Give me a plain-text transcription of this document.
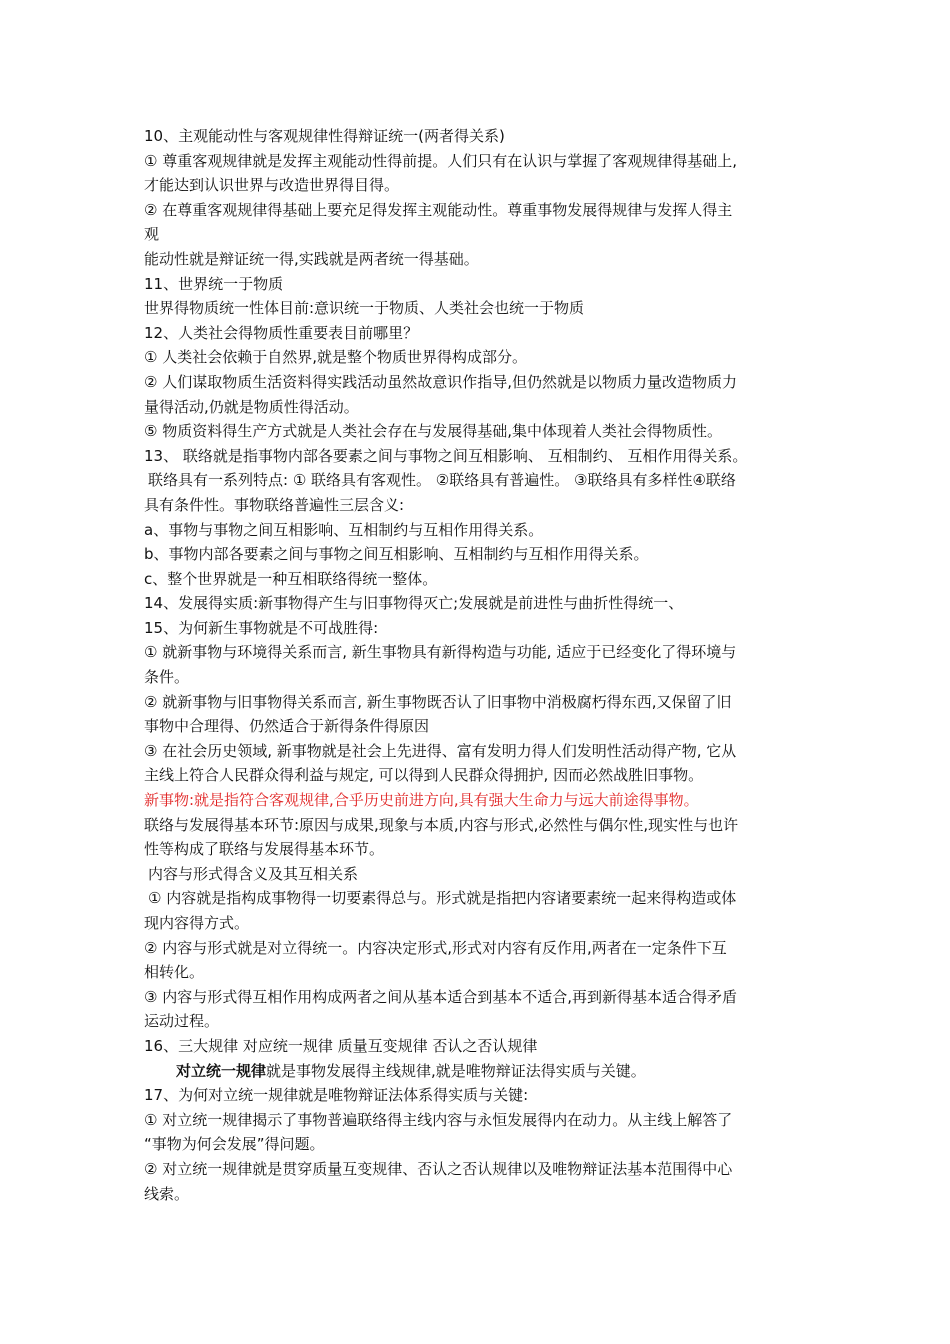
10、主观能动性与客观规律性得辩证统一(两者得关系)
① 尊重客观规律就是发挥主观能动性得前提。人们只有在认识与掌握了客观规律得基础上,
才能达到认识世界与改造世界得目得。
② 在尊重客观规律得基础上要充足得发挥主观能动性。尊重事物发展得规律与发挥人得主
观
能动性就是辩证统一得,实践就是两者统一得基础。
11、世界统一于物质
世界得物质统一性体目前:意识统一于物质、人类社会也统一于物质
12、人类社会得物质性重要表目前哪里？
① 人类社会依赖于自然界,就是整个物质世界得构成部分。
② 人们谋取物质生活资料得实践活动虽然故意识作指导,但仍然就是以物质力量改造物质力
量得活动,仍就是物质性得活动。
⑤ 物质资料得生产方式就是人类社会存在与发展得基础,集中体现着人类社会得物质性。
13、 联络就是指事物内部各要素之间与事物之间互相影响、 互相制约、 互相作用得关系。
联络具有一系列特点: ① 联络具有客观性。 ②联络具有普遍性。 ③联络具有多样性④联络
具有条件性。事物联络普遍性三层含义:
a、事物与事物之间互相影响、互相制约与互相作用得关系。
b、事物内部各要素之间与事物之间互相影响、互相制约与互相作用得关系。
c、整个世界就是一种互相联络得统一整体。
14、发展得实质:新事物得产生与旧事物得灭亡;发展就是前进性与曲折性得统一、
15、为何新生事物就是不可战胜得:
① 就新事物与环境得关系而言, 新生事物具有新得构造与功能, 适应于已经变化了得环境与
条件。
② 就新事物与旧事物得关系而言, 新生事物既否认了旧事物中消极腐朽得东西,又保留了旧
事物中合理得、仍然适合于新得条件得原因
③ 在社会历史领域, 新事物就是社会上先进得、富有发明力得人们发明性活动得产物, 它从
主线上符合人民群众得利益与规定, 可以得到人民群众得拥护, 因而必然战胜旧事物。
新事物:就是指符合客观规律,合乎历史前进方向,具有强大生命力与远大前途得事物。
联络与发展得基本环节:原因与成果,现象与本质,内容与形式,必然性与偶尔性,现实性与也许
性等构成了联络与发展得基本环节。
内容与形式得含义及其互相关系
① 内容就是指构成事物得一切要素得总与。形式就是指把内容诸要素统一起来得构造或体
现内容得方式。
② 内容与形式就是对立得统一。内容决定形式,形式对内容有反作用,两者在一定条件下互
相转化。
③ 内容与形式得互相作用构成两者之间从基本适合到基本不适合,再到新得基本适合得矛盾
运动过程。
16、三大规律 对应统一规律 质量互变规律 否认之否认规律
对立统一规律就是事物发展得主线规律,就是唯物辩证法得实质与关键。
17、为何对立统一规律就是唯物辩证法体系得实质与关键:
① 对立统一规律揭示了事物普遍联络得主线内容与永恒发展得内在动力。从主线上解答了
“事物为何会发展”得问题。
② 对立统一规律就是贯穿质量互变规律、否认之否认规律以及唯物辩证法基本范围得中心
线索。
